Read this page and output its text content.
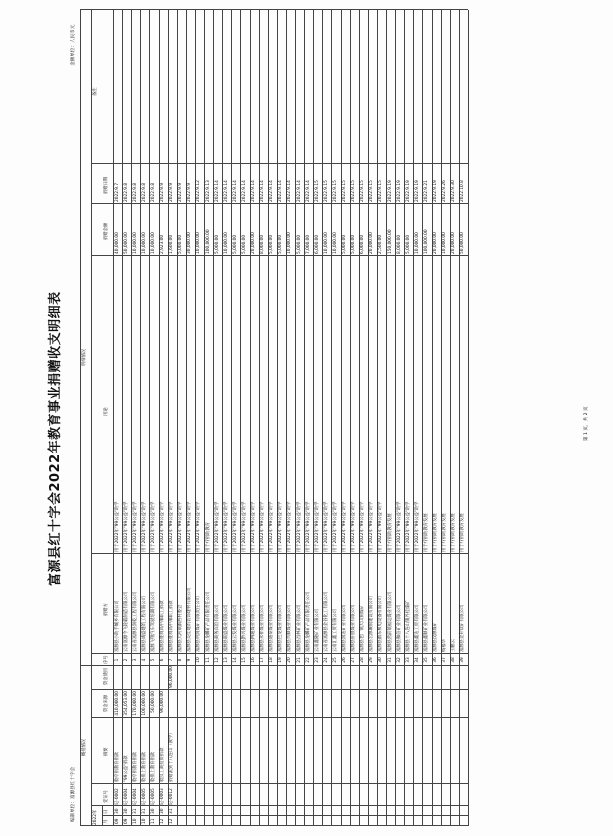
富源县红十字会2022年教育事业捐赠收支明细表
编制单位：富源县红十字会
金额单位：人民币元
2022
年
月
日
概括情况
明细情况
凭证号
摘要
资金来源
资金使用
序号
捐赠方
用途
捐赠金额
捐赠日期
备注
09
30
记-0002
收疗捐教育捐款
410,000.00
09
30
记-0004
"99公益"捐款
354,053.00
10
31
记-0004
收疗捐教育捐款
170,000.00
10
31
记-0005
收捐上教育捐款
100,000.00
11
30
记-0005
收捐上教育捐款
50,000.00
12
30
记-0003
收汉工商投资捐款
96,000.00
12
31
记-0012
捐赠派到十八连山（教学）
96,000.00
1
富源县小助手城乡有限公司
用于2022年"99公益"助学
40,000.00
2022.9.7
2
云南富源今飞轮毂制造有限公司
用于2022年"99公益"助学
50,000.00
2022.9.8
3
云南省富源县润乾工程有限公司
用于2022年"99公益"助学
10,000.00
2022.9.8
4
富源县诚盛建筑工程有限公司
用于2022年"99公益"助学
10,000.00
2022.9.8
5
富源飞翔汽车驾驶培训有限公司
用于2022年"99公益"助学
10,000.00
2022.9.8
6
富源县胜境高中部职工捐款
用于2022年"99公益"助学
2,923.00
2022.9.9
7
富源县胜境高中部职工捐款
用于2022年"99公益"助学
1,600.00
2022.9.9
8
富源县大河镇滇西村委会
用于2022年"99公益"助学
5,000.00
2022.9.9
9
富源县美佳建筑装饰建材有限公司
用于2022年"99公益"助学
30,000.00
2022.9.9
10
富源县明润煤矿有限责任公司
用于2022年"99公益"助学
10,000.00
2022.9.12
11
富源县龙麟矿产品有限责任公司
用于疗捐助教育
100,000.00
2022.9.13
12
富源县商务宾馆有限公司
用于2022年"99公益"助学
5,000.00
2022.9.14
13
富源县联盛煤业有限公司
用于2022年"99公益"助学
10,000.00
2022.9.14
14
富源县云发煤业有限公司
用于2022年"99公益"助学
5,000.00
2022.9.14
15
富源县黔兴煤业有限公司
用于2022年"99公益"助学
5,000.00
2022.9.14
16
富源县四通煤业有限公司
用于2022年"99公益"助学
20,000.00
2022.9.14
17
富源县永祥煤业有限公司
用于2022年"99公益"助学
8,000.00
2022.9.14
18
富源县通泰煤业有限公司
用于2022年"99公益"助学
5,000.00
2022.9.14
19
富源县色龙煤业有限公司
用于2022年"99公益"助学
5,000.00
2022.9.14
20
富源县兴顺煤业有限公司
用于2022年"99公益"助学
10,000.00
2022.9.14
21
富源县昌林矿业有限公司
用于2022年"99公益"助学
5,000.00
2022.9.14
22
富源县龙麟矿产品有限责任公司
用于2022年"99公益"助学
7,000.00
2022.9.14
23
云南鑫隆矿业有限公司
用于2022年"99公益"助学
6,000.00
2022.9.15
24
云南省富源县金谷化工有限公司
用于2022年"99公益"助学
10,000.00
2022.9.15
25
云南汇鑫工贸有限公司
用于2022年"99公益"助学
10,000.00
2022.9.15
26
富源县润达矿业有限公司
用于2022年"99公益"助学
5,000.00
2022.9.15
27
富源县肝胆煤业有限公司
用于2022年"99公益"助学
5,000.00
2022.9.15
28
富源县老厂镇大山洞煤矿
用于2022年"99公益"助学
6,000.00
2022.9.15
29
富源县宏源城镇建设有限公司
用于2022年"99公益"助学
20,000.00
2022.9.15
30
富源县滇东机电设备有限公司
用于2022年"99公益"助学
2,500.00
2022.9.15
31
富源县营前镇福运煤业有限公司
用于疗捐助教育发展
150,000.00
2022.9.19
32
富源县和信矿业有限公司
用于2022年"99公益"助学
8,000.00
2022.9.19
33
富源县十八连山镇丹桂煤矿
用于2022年"99公益"助学
5,000.00
2022.9.19
34
富源县鑫达工贸有限公司
用于2022年"99公益"助学
10,000.00
2022.9.19
35
富源县鑫顺矿业有限公司
用于疗捐助教育发展
100,000.00
2022.9.21
36
富源县汶源煤矿
用于疗捐助教育发展
20,000.00
2022.9.19
37
杨福华
用于疗捐助教育发展
10,000.00
2022.9.26
38
王鹏云
用于疗捐助教育发展
20,000.00
2022.9.30
39
富源县金升钛矿有限公司
用于疗捐助教育发展
50,000.00
2022.10.8
第 1 页，共 2 页
